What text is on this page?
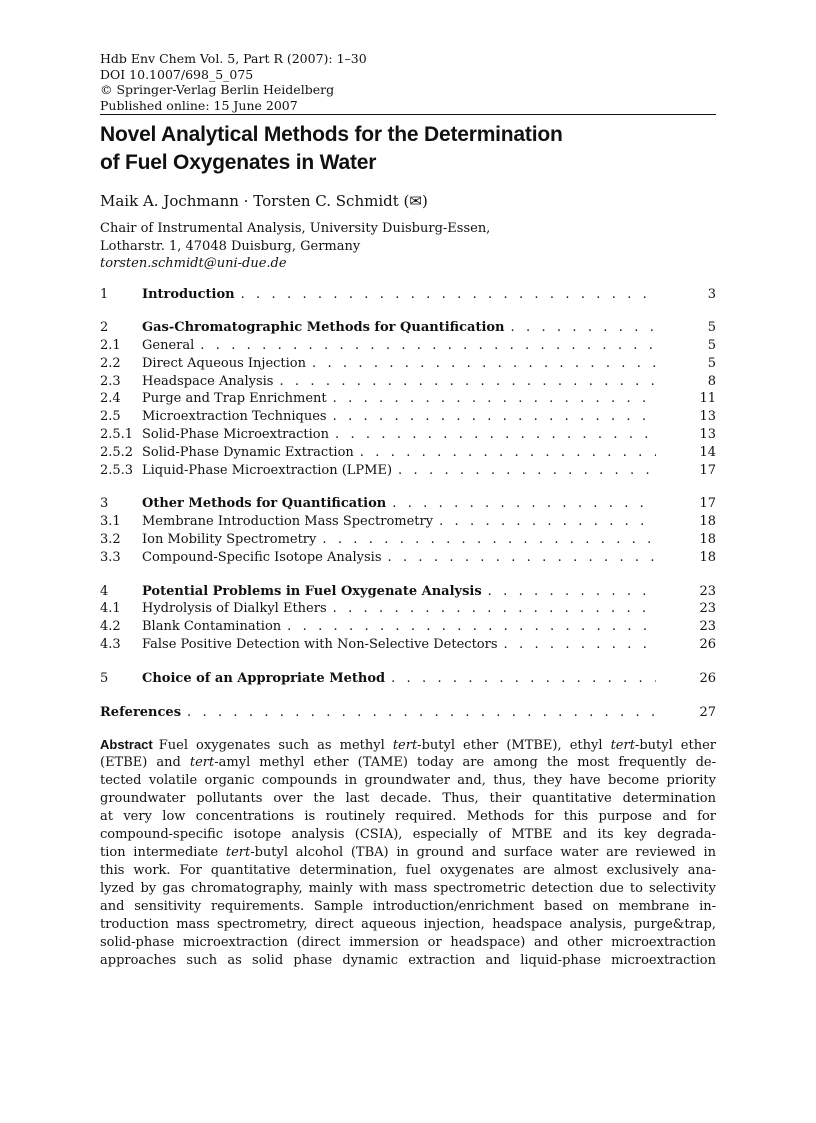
Hdb Env Chem Vol. 5, Part R (2007): 1–30
DOI 10.1007/698_5_075
© Springer-Verlag Berlin Heidelberg
Published online: 15 June 2007
Novel Analytical Methods for the Determination
of Fuel Oxygenates in Water
Maik A. Jochmann · Torsten C. Schmidt (✉)
Chair of Instrumental Analysis, University Duisburg-Essen,
Lotharstr. 1, 47048 Duisburg, Germany
torsten.schmidt@uni-due.de
1	Introduction . . .	3
2	Gas-Chromatographic Methods for Quantification . . .	5
2.1	General . . .	5
2.2	Direct Aqueous Injection . . .	5
2.3	Headspace Analysis . . .	8
2.4	Purge and Trap Enrichment . . .	11
2.5	Microextraction Techniques . . .	13
2.5.1 Solid-Phase Microextraction . . .	13
2.5.2 Solid-Phase Dynamic Extraction . . .	14
2.5.3 Liquid-Phase Microextraction (LPME) . . .	17
3	Other Methods for Quantification . . .	17
3.1	Membrane Introduction Mass Spectrometry . . .	18
3.2	Ion Mobility Spectrometry . . .	18
3.3	Compound-Specific Isotope Analysis . . .	18
4	Potential Problems in Fuel Oxygenate Analysis . . .	23
4.1	Hydrolysis of Dialkyl Ethers . . .	23
4.2	Blank Contamination . . .	23
4.3	False Positive Detection with Non-Selective Detectors . . .	26
5	Choice of an Appropriate Method . . .	26
References . . .	27
Abstract Fuel oxygenates such as methyl tert-butyl ether (MTBE), ethyl tert-butyl ether
(ETBE) and tert-amyl methyl ether (TAME) today are among the most frequently de-
tected volatile organic compounds in groundwater and, thus, they have become priority
groundwater pollutants over the last decade. Thus, their quantitative determination
at very low concentrations is routinely required. Methods for this purpose and for
compound-specific isotope analysis (CSIA), especially of MTBE and its key degrada-
tion intermediate tert-butyl alcohol (TBA) in ground and surface water are reviewed in
this work. For quantitative determination, fuel oxygenates are almost exclusively ana-
lyzed by gas chromatography, mainly with mass spectrometric detection due to selectivity
and sensitivity requirements. Sample introduction/enrichment based on membrane in-
troduction mass spectrometry, direct aqueous injection, headspace analysis, purge&trap,
solid-phase microextraction (direct immersion or headspace) and other microextraction
approaches such as solid phase dynamic extraction and liquid-phase microextraction
